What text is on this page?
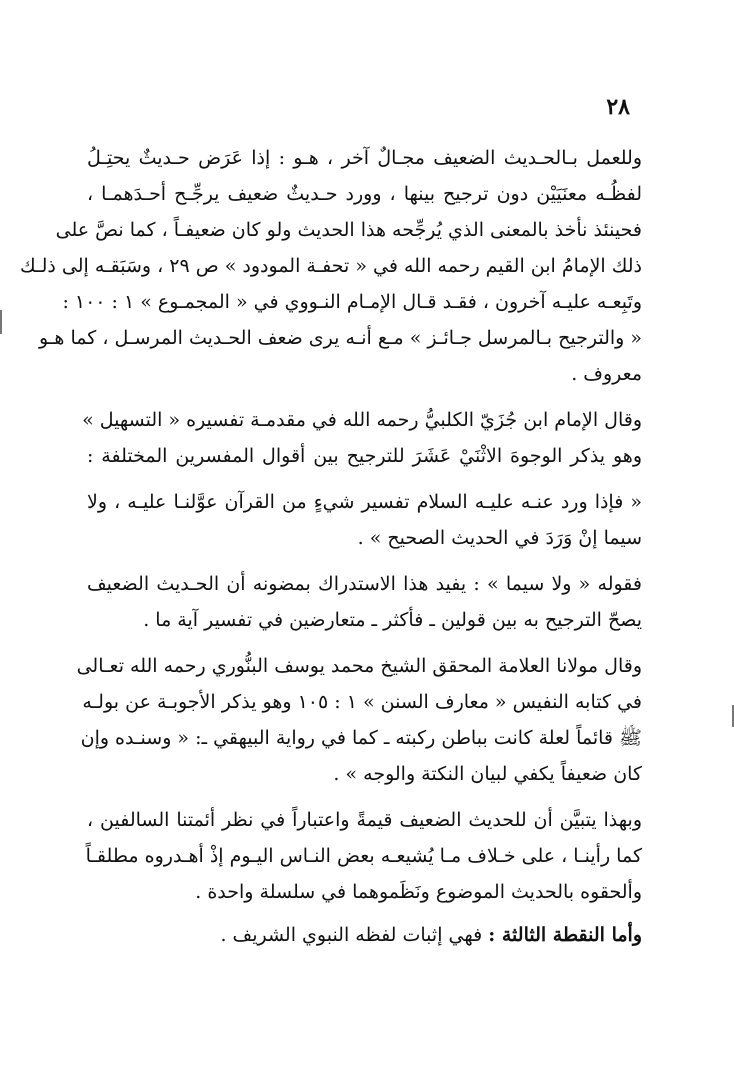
٢٨
وللعمل بـالحـديث الضعيف مجـالٌ آخر ، هـو : إذا عَرَض حـديثٌ يحتِـلُ
لفظُـه معنَيَيْن دون ترجيح بينها ، وورد حـديثٌ ضعيف يرجِّـح أحـدَهمـا ،
فحينئذ نأخذ بالمعنى الذي يُرجِّحه هذا الحديث ولو كان ضعيفـاً ، كما نصَّ على
ذلك الإمامُ ابن القيم رحمه الله في « تحفـة المودود » ص ٢٩ ، وسَبَقـه إلى ذلـك
وتَبِعـه عليـه آخرون ، فقـد قـال الإمـام النـووي في « المجمـوع » ١ : ١٠٠ :
« والترجيح بـالمرسل جـائـز » مـع أنـه يرى ضعف الحـديث المرسـل ، كما هـو
معروف .
وقال الإمام ابن جُزَيّ الكلبيُّ رحمه الله في مقدمـة تفسيره « التسهيل »
وهو يذكر الوجوهَ الاثْنَيْ عَشَرَ للترجيح بين أقوال المفسرين المختلفة :
« فإذا ورد عنـه عليـه السلام تفسير شيءٍ من القرآن عوَّلنـا عليـه ، ولا
سيما إنْ وَرَدَ في الحديث الصحيح » .
فقوله « ولا سيما » : يفيد هذا الاستدراك بمضونه أن الحـديث الضعيف
يصحّ الترجيح به بين قولين ـ فأكثر ـ متعارضين في تفسير آية ما .
وقال مولانا العلامة المحقق الشيخ محمد يوسف البنُّوري رحمه الله تعـالى
في كتابه النفيس « معارف السنن » ١ : ١٠٥ وهو يذكر الأجوبـة عن بولـه
ﷺ قائماً لعلة كانت بباطن ركبته ـ كما في رواية البيهقي ـ: « وسنـده وإن
كان ضعيفاً يكفي لبيان النكتة والوجه » .
وبهذا يتبيَّن أن للحديث الضعيف قيمةً واعتباراً في نظر أئمتنا السالفين ،
كما رأينـا ، على خـلاف مـا يُشيعـه بعض النـاس اليـوم إذْ أهـدروه مطلقـاً
وألحقوه بالحديث الموضوع ونَظَموهما في سلسلة واحدة .
وأما النقطة الثالثة : فهي إثبات لفظه النبوي الشريف .
